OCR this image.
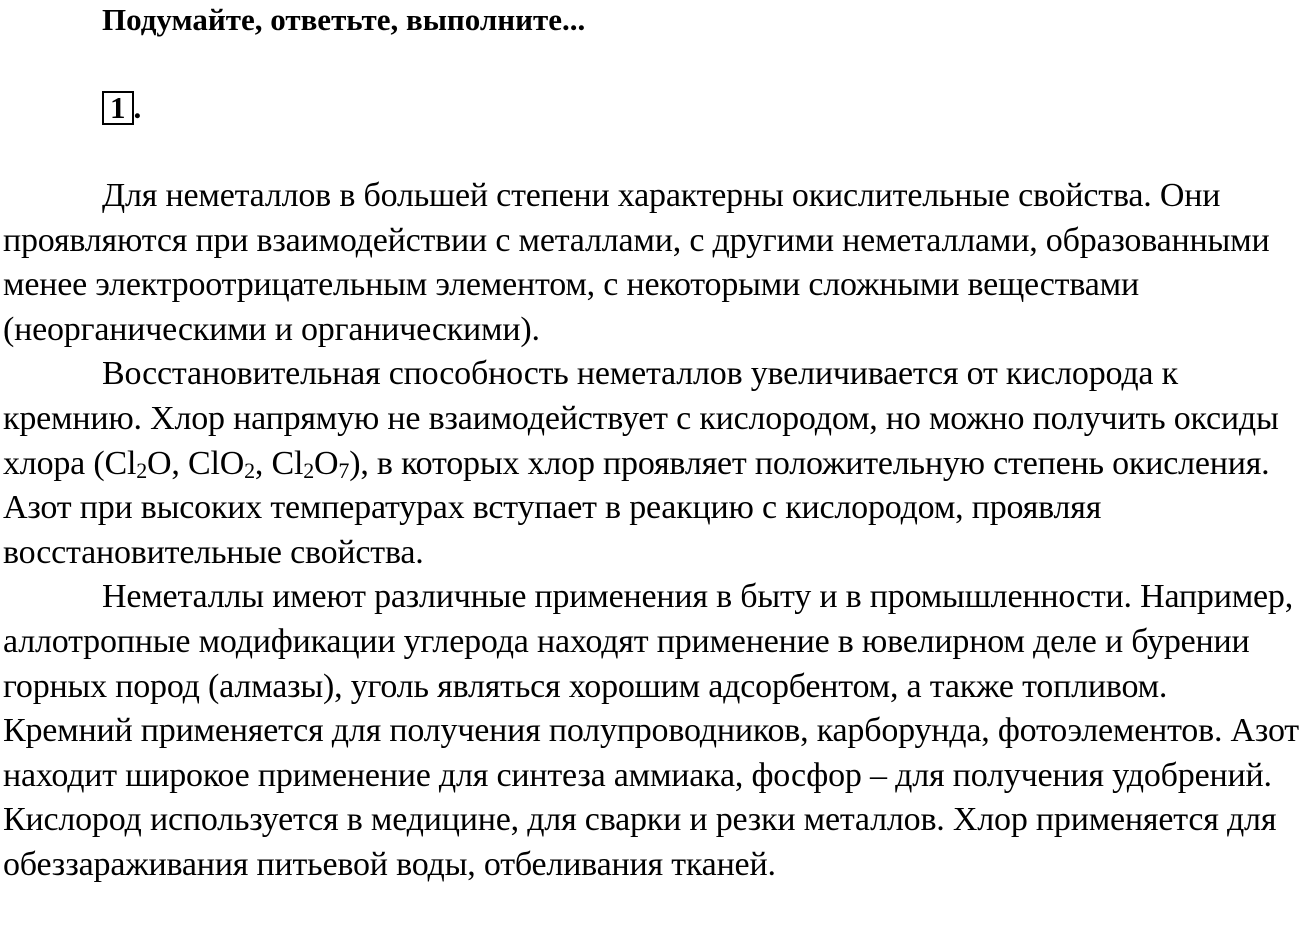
Подумайте, ответьте, выполните...
1 .

Для неметаллов в большей степени характерны окислительные свойства. Они проявляются при взаимодействии с металлами, с другими неметаллами, образованными менее электроотрицательным элементом, с некоторыми сложными веществами (неорганическими и органическими).

Восстановительная способность неметаллов увеличивается от кислорода к кремнию. Хлор напрямую не взаимодействует с кислородом, но можно получить оксиды хлора ($Cl_2O$, ClO$_2$, $Cl_2O_7$), в которых хлор проявляет положительную степень окисления. Азот при высоких температурах вступает в реакцию с кислородом, проявляя восстановительные свойства.

Неметаллы имеют различные применения в быту и в промышленности. Например, аллотропные модификации углерода находят применение в ювелирном деле и бурении горных пород (алмазы), уголь являться хорошим адсорбентом, а также топливом. Кремний применяется для получения полупроводников, карборунда, фотоэлементов. Азот находит широкое применение для синтеза аммиака, фосфор – для получения удобрений. Кислород используется в медицине, для сварки и резки металлов. Хлор применяется для обеззараживания питьевой воды, отбеливания тканей.
